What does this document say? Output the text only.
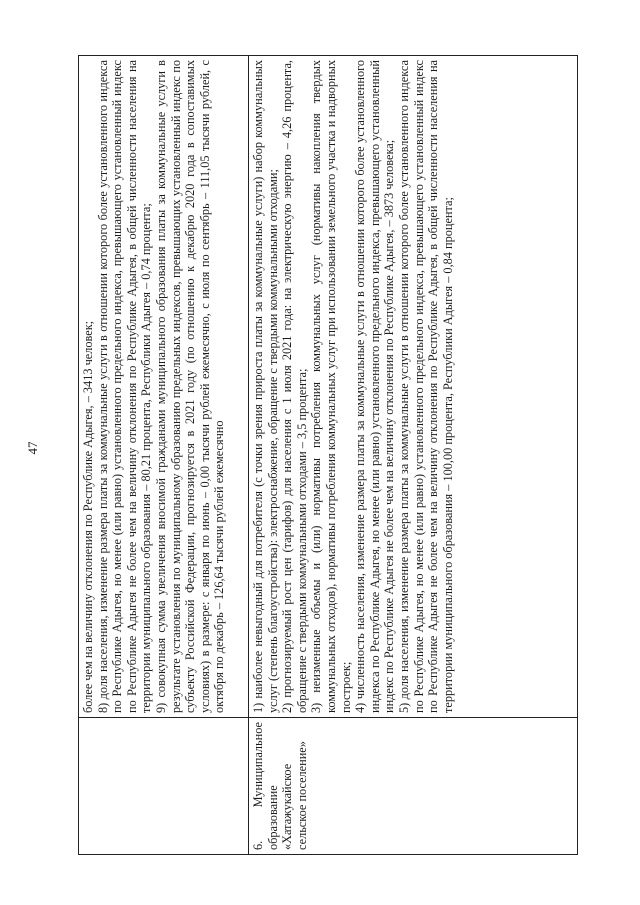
47

	более чем на величину отклонения по Республике Адыгея, – 3413 человек; 8) доля населения, изменение размера платы за коммунальные услуги в отношении которого более установленного индекса по Республике Адыгея, но менее (или равно) установленного предельного индекса, превышающего установленный индекс по Республике Адыгея не более чем на величину отклонения по Республике Адыгея, в общей численности населения на территории муниципального образования – 80,21 процента, Республики Адыгея – 0,74 процента; 9) совокупная сумма увеличения вносимой гражданами муниципального образования платы за коммунальные услуги в результате установления по муниципальному образованию предельных индексов, превышающих установленный индекс по субъекту Российской Федерации, прогнозируется в 2021 году (по отношению к декабрю 2020 года в сопоставимых условиях) в размере: с января по июнь – 0,00 тысячи рублей ежемесячно, с июля по сентябрь – 111,05 тысячи рублей, с октября по декабрь – 126,64 тысячи рублей ежемесячно

6. Муниципальное образование «Хатажукайское сельское поселение»	1) наиболее невыгодный для потребителя (с точки зрения прироста платы за коммунальные услуги) набор коммунальных услуг (степень благоустройства): электроснабжение, обращение с твердыми коммунальными отходами; 2) прогнозируемый рост цен (тарифов) для населения с 1 июля 2021 года: на электрическую энергию – 4,26 процента, обращение с твердыми коммунальными отходами – 3,5 процента; 3) неизменные объемы и (или) нормативы потребления коммунальных услуг (нормативы накопления твердых коммунальных отходов), нормативы потребления коммунальных услуг при использовании земельного участка и надворных построек; 4) численность населения, изменение размера платы за коммунальные услуги в отношении которого более установленного индекса по Республике Адыгея, но менее (или равно) установленного предельного индекса, превышающего установленный индекс по Республике Адыгея не более чем на величину отклонения по Республике Адыгея, – 3873 человека; 5) доля населения, изменение размера платы за коммунальные услуги в отношении которого более установленного индекса по Республике Адыгея, но менее (или равно) установленного предельного индекса, превышающего установленный индекс по Республике Адыгея не более чем на величину отклонения по Республике Адыгея, в общей численности населения на территории муниципального образования – 100,00 процента, Республики Адыгея – 0,84 процента;
